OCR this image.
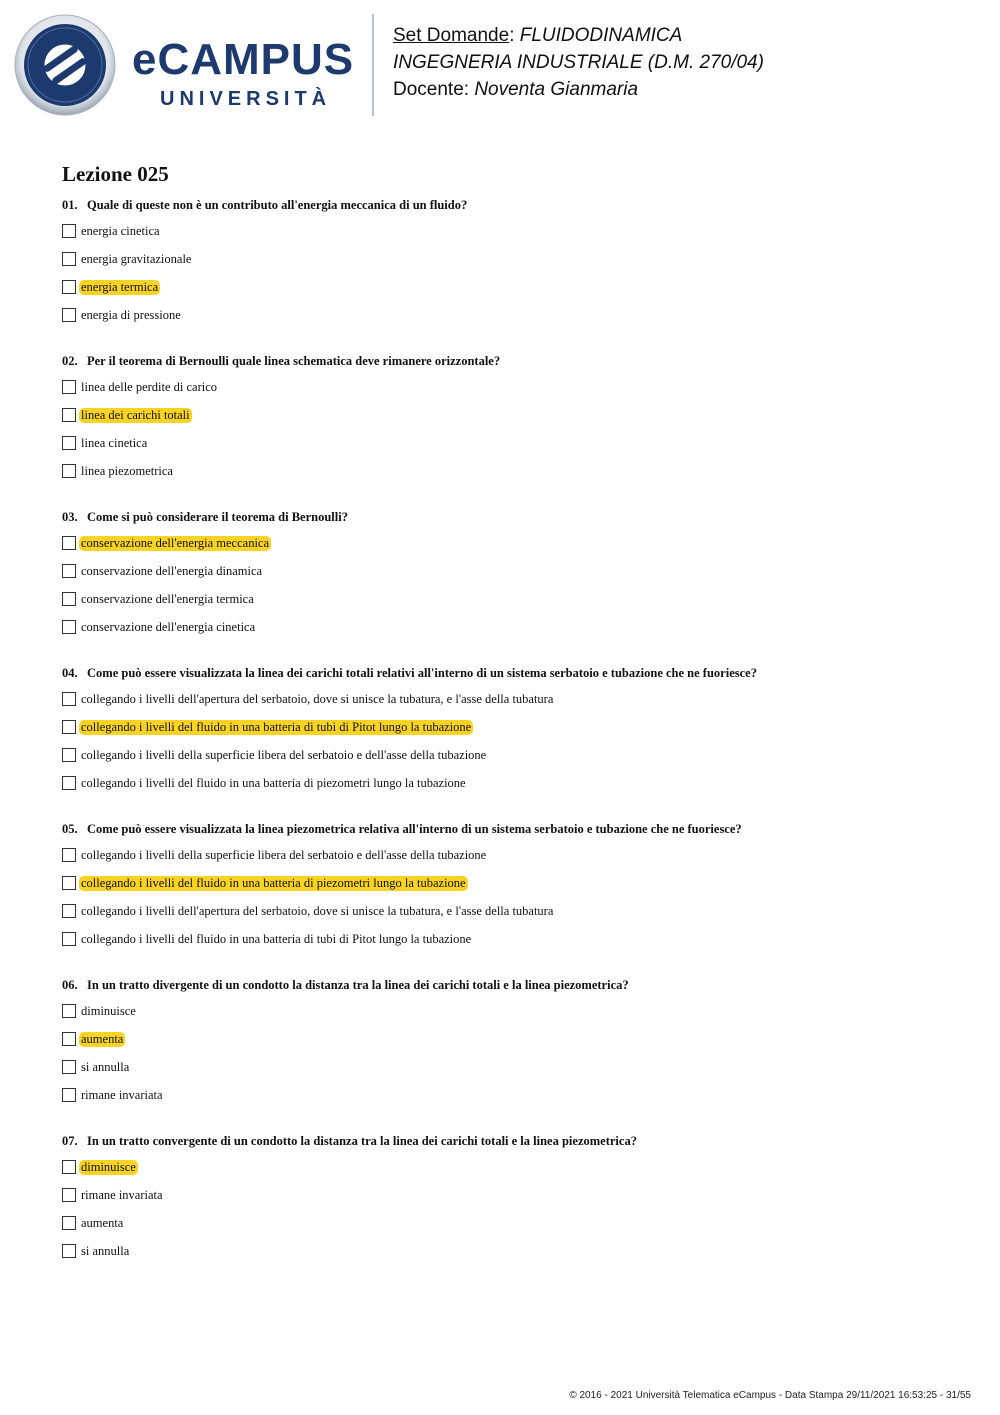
eCAMPUS
UNIVERSITÀ
Set Domande: FLUIDODINAMICA
INGEGNERIA INDUSTRIALE (D.M. 270/04)
Docente: Noventa Gianmaria
Lezione 025
01. Quale di queste non è un contributo all'energia meccanica di un fluido?
energia cinetica
energia gravitazionale
energia termica
energia di pressione
02. Per il teorema di Bernoulli quale linea schematica deve rimanere orizzontale?
linea delle perdite di carico
linea dei carichi totali
linea cinetica
linea piezometrica
03. Come si può considerare il teorema di Bernoulli?
conservazione dell'energia meccanica
conservazione dell'energia dinamica
conservazione dell'energia termica
conservazione dell'energia cinetica
04. Come può essere visualizzata la linea dei carichi totali relativi all'interno di un sistema serbatoio e tubazione che ne fuoriesce?
collegando i livelli dell'apertura del serbatoio, dove si unisce la tubatura, e l'asse della tubatura
collegando i livelli del fluido in una batteria di tubi di Pitot lungo la tubazione
collegando i livelli della superficie libera del serbatoio e dell'asse della tubazione
collegando i livelli del fluido in una batteria di piezometri lungo la tubazione
05. Come può essere visualizzata la linea piezometrica relativa all'interno di un sistema serbatoio e tubazione che ne fuoriesce?
collegando i livelli della superficie libera del serbatoio e dell'asse della tubazione
collegando i livelli del fluido in una batteria di piezometri lungo la tubazione
collegando i livelli dell'apertura del serbatoio, dove si unisce la tubatura, e l'asse della tubatura
collegando i livelli del fluido in una batteria di tubi di Pitot lungo la tubazione
06. In un tratto divergente di un condotto la distanza tra la linea dei carichi totali e la linea piezometrica?
diminuisce
aumenta
si annulla
rimane invariata
07. In un tratto convergente di un condotto la distanza tra la linea dei carichi totali e la linea piezometrica?
diminuisce
rimane invariata
aumenta
si annulla
© 2016 - 2021 Università Telematica eCampus - Data Stampa 29/11/2021 16:53:25 - 31/55
